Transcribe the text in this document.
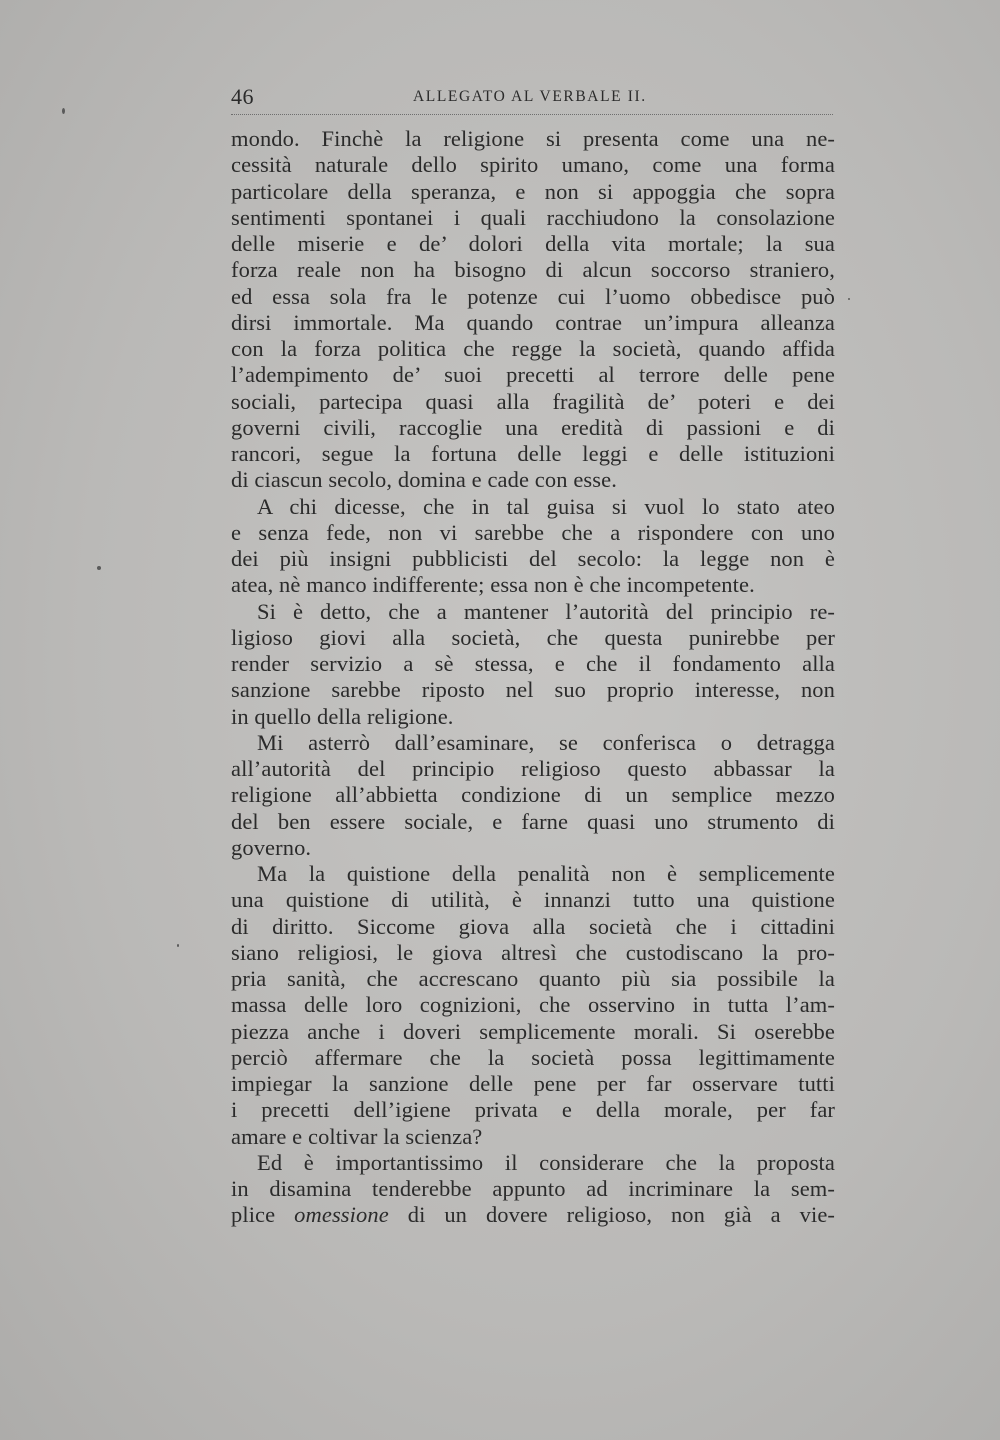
46	ALLEGATO AL VERBALE II.
mondo. Finchè la religione si presenta come una ne-
cessità naturale dello spirito umano, come una forma
particolare della speranza, e non si appoggia che sopra
sentimenti spontanei i quali racchiudono la consolazione
delle miserie e de’ dolori della vita mortale; la sua
forza reale non ha bisogno di alcun soccorso straniero,
ed essa sola fra le potenze cui l’uomo obbedisce può
dirsi immortale. Ma quando contrae un’impura alleanza
con la forza politica che regge la società, quando affida
l’adempimento de’ suoi precetti al terrore delle pene
sociali, partecipa quasi alla fragilità de’ poteri e dei
governi civili, raccoglie una eredità di passioni e di
rancori, segue la fortuna delle leggi e delle istituzioni
di ciascun secolo, domina e cade con esse.
A chi dicesse, che in tal guisa si vuol lo stato ateo
e senza fede, non vi sarebbe che a rispondere con uno
dei più insigni pubblicisti del secolo: la legge non è
atea, nè manco indifferente; essa non è che incompetente.
Si è detto, che a mantener l’autorità del principio re-
ligioso giovi alla società, che questa punirebbe per
render servizio a sè stessa, e che il fondamento alla
sanzione sarebbe riposto nel suo proprio interesse, non
in quello della religione.
Mi asterrò dall’esaminare, se conferisca o detragga
all’autorità del principio religioso questo abbassar la
religione all’abbietta condizione di un semplice mezzo
del ben essere sociale, e farne quasi uno strumento di
governo.
Ma la quistione della penalità non è semplicemente
una quistione di utilità, è innanzi tutto una quistione
di diritto. Siccome giova alla società che i cittadini
siano religiosi, le giova altresì che custodiscano la pro-
pria sanità, che accrescano quanto più sia possibile la
massa delle loro cognizioni, che osservino in tutta l’am-
piezza anche i doveri semplicemente morali. Si oserebbe
perciò affermare che la società possa legittimamente
impiegar la sanzione delle pene per far osservare tutti
i precetti dell’igiene privata e della morale, per far
amare e coltivar la scienza?
Ed è importantissimo il considerare che la proposta
in disamina tenderebbe appunto ad incriminare la sem-
plice omessione di un dovere religioso, non già a vie-
